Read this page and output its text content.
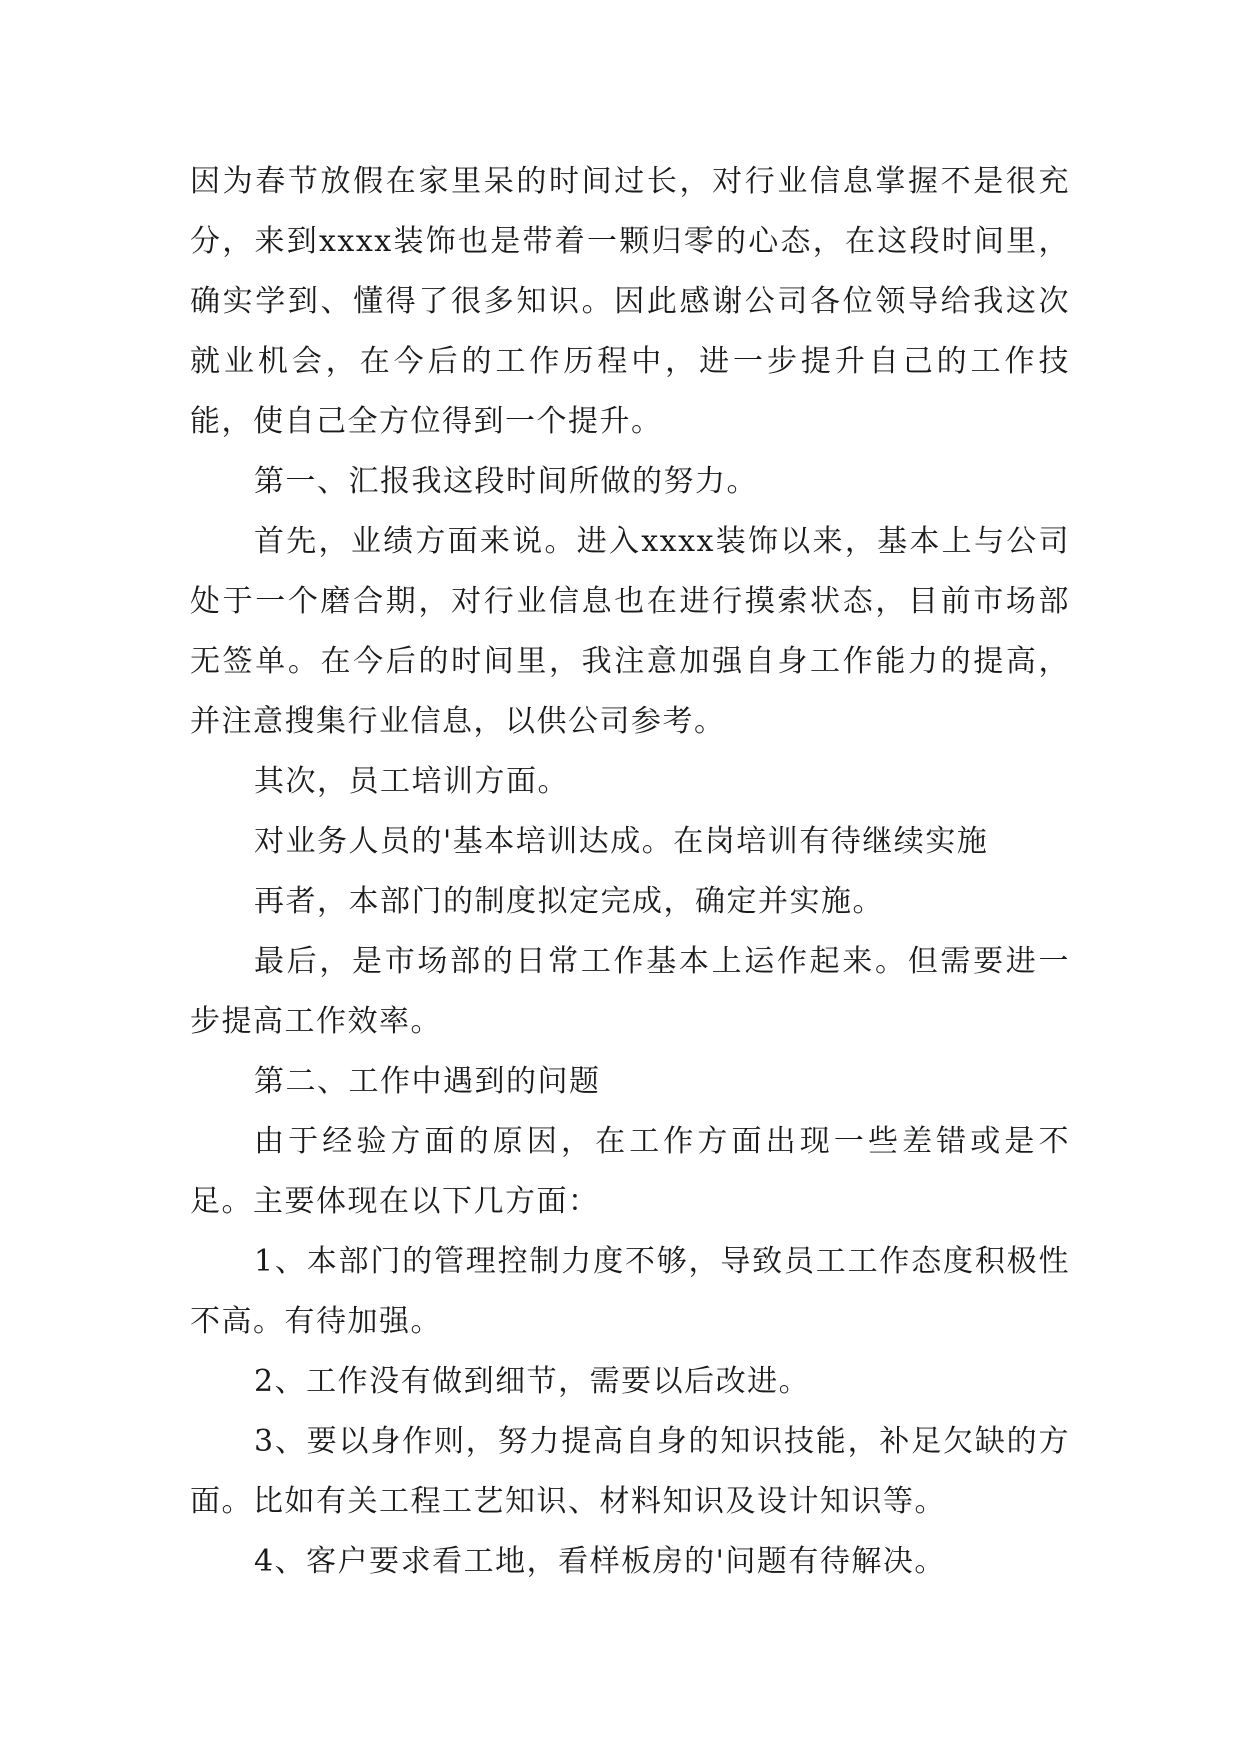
因为春节放假在家里呆的时间过长，对行业信息掌握不是很充分，来到xxxx装饰也是带着一颗归零的心态，在这段时间里，确实学到、懂得了很多知识。因此感谢公司各位领导给我这次就业机会，在今后的工作历程中，进一步提升自己的工作技能，使自己全方位得到一个提升。

第一、汇报我这段时间所做的努力。

首先，业绩方面来说。进入xxxx装饰以来，基本上与公司处于一个磨合期，对行业信息也在进行摸索状态，目前市场部无签单。在今后的时间里，我注意加强自身工作能力的提高，并注意搜集行业信息，以供公司参考。

其次，员工培训方面。

对业务人员的'基本培训达成。在岗培训有待继续实施

再者，本部门的制度拟定完成，确定并实施。

最后，是市场部的日常工作基本上运作起来。但需要进一步提高工作效率。

第二、工作中遇到的问题

由于经验方面的原因，在工作方面出现一些差错或是不足。主要体现在以下几方面：

1、本部门的管理控制力度不够，导致员工工作态度积极性不高。有待加强。

2、工作没有做到细节，需要以后改进。

3、要以身作则，努力提高自身的知识技能，补足欠缺的方面。比如有关工程工艺知识、材料知识及设计知识等。

4、客户要求看工地，看样板房的'问题有待解决。
